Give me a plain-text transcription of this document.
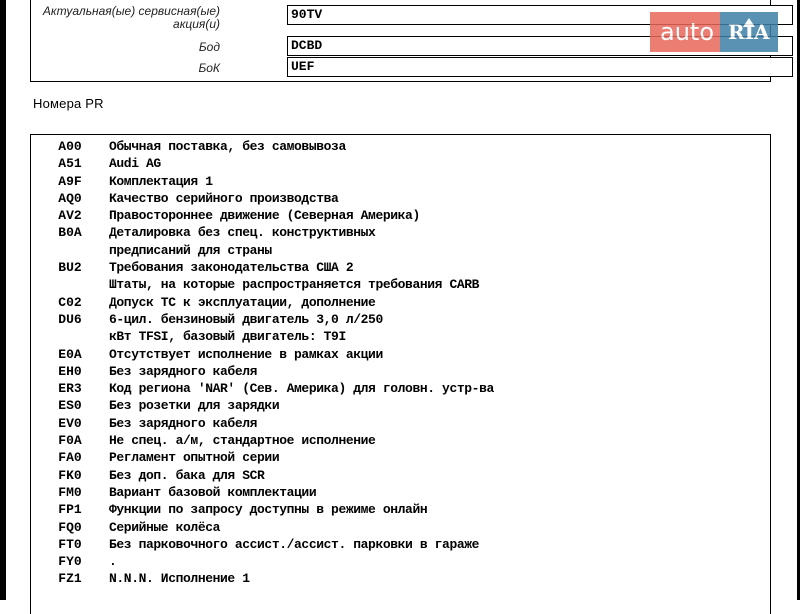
Актуальная(ые) сервисная(ые) акция(и)
90TV
Бод	DCBD
БоК	UEF
auto RIA
Номера PR
A00	Обычная поставка, без самовывоза
A51	Audi AG
A9F	Комплектация 1
AQ0	Качество серийного производства
AV2	Правостороннее движение (Северная Америка)
B0A	Деталировка без спец. конструктивных
предписаний для страны
BU2	Требования законодательства США 2
Штаты, на которые распространяется требования CARB
C02	Допуск ТС к эксплуатации, дополнение
DU6	6-цил. бензиновый двигатель 3,0 л/250
кВт TFSI, базовый двигатель: T9I

E0A	Отсутствует исполнение в рамках акции
EH0	Без зарядного кабеля
ER3	Код региона 'NAR' (Сев. Америка) для головн. устр-ва
ES0	Без розетки для зарядки
EV0	Без зарядного кабеля
F0A	Не спец. а/м, стандартное исполнение
FA0	Регламент опытной серии
FK0	Без доп. бака для SCR
FM0	Вариант базовой комплектации
FP1	Функции по запросу доступны в режиме онлайн
FQ0	Серийные колёса
FT0	Без парковочного ассист./ассист. парковки в гараже
FY0	.
FZ1	N.N.N. Исполнение 1
